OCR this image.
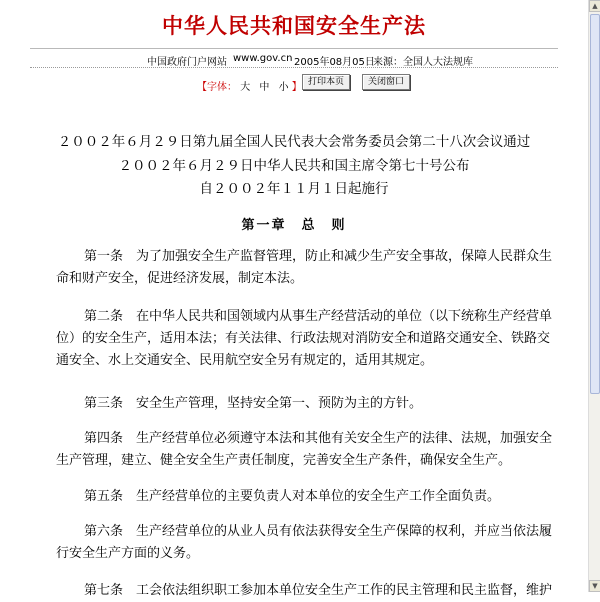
中华人民共和国安全生产法
中国政府门户网站 www.gov.cn 2005年08月05日
来源：全国人大法规库
【字体： 大 中 小 】 打印本页	关闭窗口
２００２年６月２９日第九届全国人民代表大会常务委员会第二十八次会议通过
２００２年６月２９日中华人民共和国主席令第七十号公布
自２００２年１１月１日起施行
第一章　总　则
第一条　为了加强安全生产监督管理，防止和减少生产安全事故，保障人民群众生命和财产安全，促进经济发展，制定本法。
第二条　在中华人民共和国领域内从事生产经营活动的单位（以下统称生产经营单位）的安全生产，适用本法；有关法律、行政法规对消防安全和道路交通安全、铁路交通安全、水上交通安全、民用航空安全另有规定的，适用其规定。
第三条　安全生产管理，坚持安全第一、预防为主的方针。
第四条　生产经营单位必须遵守本法和其他有关安全生产的法律、法规，加强安全生产管理，建立、健全安全生产责任制度，完善安全生产条件，确保安全生产。
第五条　生产经营单位的主要负责人对本单位的安全生产工作全面负责。
第六条　生产经营单位的从业人员有依法获得安全生产保障的权利，并应当依法履行安全生产方面的义务。
第七条　工会依法组织职工参加本单位安全生产工作的民主管理和民主监督，维护
▲
▼
